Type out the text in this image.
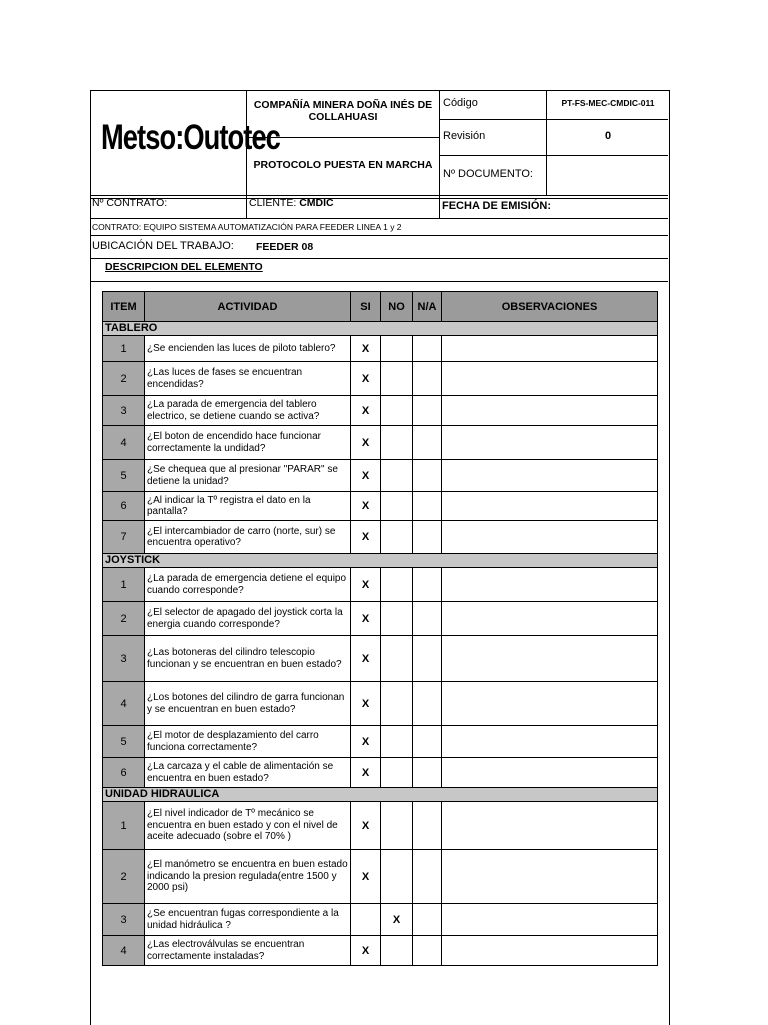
Metso:Outotec
COMPAÑÍA MINERA DOÑA INÉS DE COLLAHUASI
PROTOCOLO PUESTA EN MARCHA
Código	PT-FS-MEC-CMDIC-011
Revisión	0
Nº DOCUMENTO:
Nº CONTRATO:	CLIENTE: CMDIC	FECHA DE EMISIÓN:
CONTRATO: EQUIPO SISTEMA AUTOMATIZACIÓN PARA FEEDER LINEA 1 y 2
UBICACIÓN DEL TRABAJO: FEEDER 08
DESCRIPCION DEL ELEMENTO
ITEM	ACTIVIDAD	SI	NO	N/A	OBSERVACIONES
TABLERO					
1	¿Se encienden las luces de piloto tablero?	X			
2	¿Las luces de fases se encuentran encendidas?	X			
3	¿La parada de emergencia del tablero electrico, se detiene cuando se activa?	X			
4	¿El boton de encendido hace funcionar correctamente la undidad?	X			
5	¿Se chequea que al presionar "PARAR" se detiene la unidad?	X			
6	¿Al indicar la Tº registra el dato en la pantalla?	X			
7	¿El intercambiador de carro (norte, sur) se encuentra operativo?	X			
JOYSTICK					
1	¿La parada de emergencia detiene el equipo cuando corresponde?	X			
2	¿El selector de apagado del joystick corta la energia cuando corresponde?	X			
3	¿Las botoneras del cilindro telescopio funcionan y se encuentran en buen estado?	X			
4	¿Los botones del cilindro de garra funcionan y se encuentran en buen estado?	X			
5	¿El motor de desplazamiento del carro funciona correctamente?	X			
6	¿La carcaza y el cable de alimentación se encuentra en buen estado?	X			
UNIDAD HIDRAULICA					
1	¿El nivel indicador de Tº mecánico se encuentra en buen estado y con el nivel de aceite adecuado (sobre el 70% )	X			
2	¿El manómetro se encuentra en buen estado indicando la presion regulada(entre 1500 y 2000 psi)	X			
3	¿Se encuentran fugas correspondiente a la unidad hidráulica ?		X		
4	¿Las electroválvulas se encuentran correctamente instaladas?	X			
